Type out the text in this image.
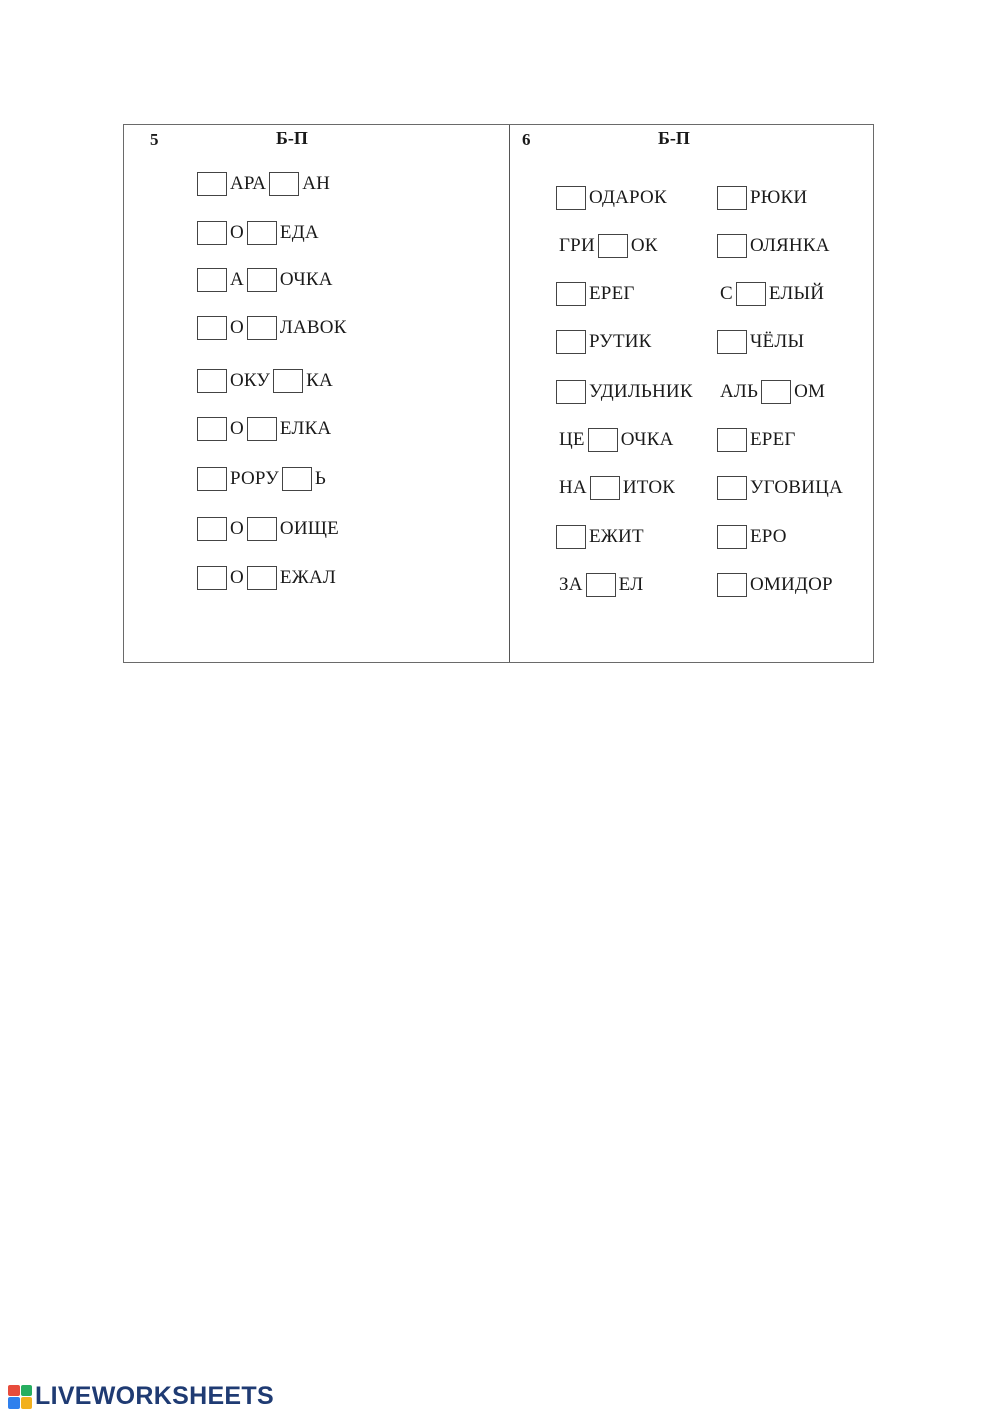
5	Б-П
АРА АН
О ЕДА
А ОЧКА
О ЛАВОК
ОКУ КА
О ЕЛКА
РОРУ Ь
О ОИЩЕ
О ЕЖАЛ
6	Б-П
ОДАРОК
ГРИ ОК
ЕРЕГ
РУТИК
УДИЛЬНИК
ЦЕ ОЧКА
НА ИТОК
ЕЖИТ
ЗА ЕЛ
РЮКИ
ОЛЯНКА
С ЕЛЫЙ
ЧЁЛЫ
АЛЬ ОМ
ЕРЕГ
УГОВИЦА
ЕРО
ОМИДОР
LIVEWORKSHEETS
